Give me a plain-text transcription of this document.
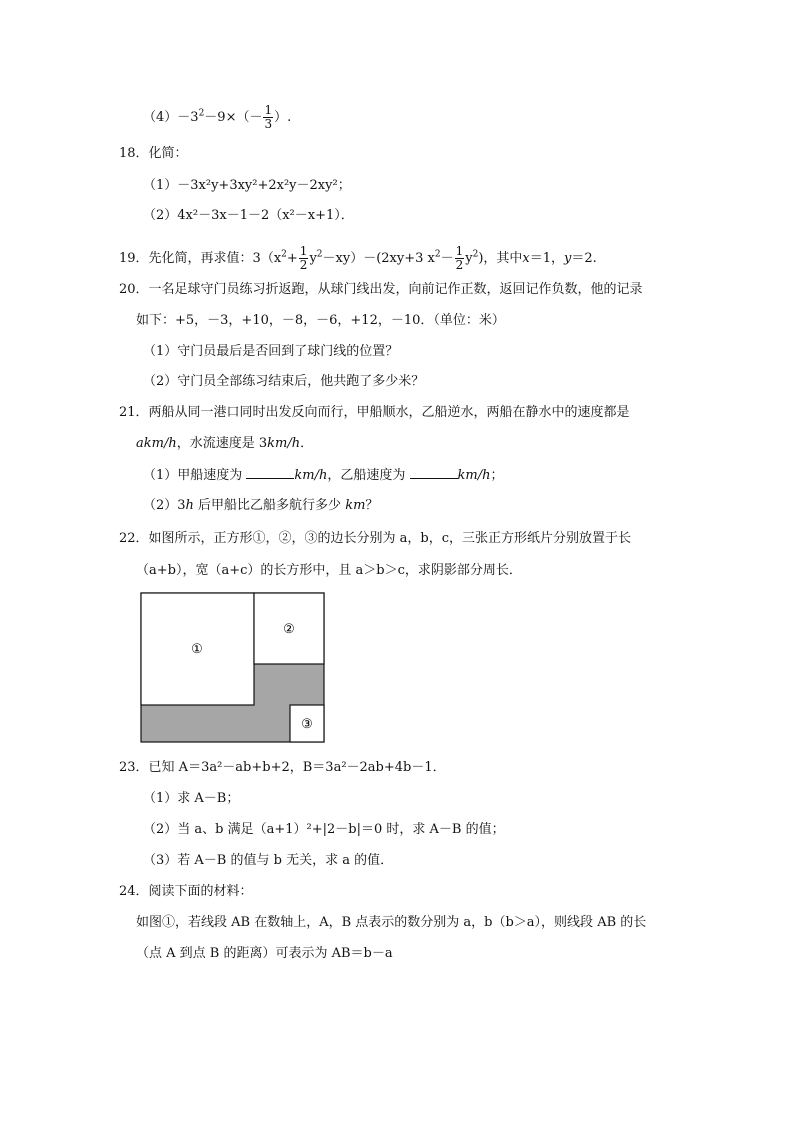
$(4)-3^2-9\times(- \frac{1}{3}$ ）.
18．化简：
（1）－3x²y+3xy²+2x²y－2xy²；
（2）4x²－3x－1－2（x²－x+1）．
19．先化简，再求值：$3(x^2+ \frac{1}{2} y^2-xy)-(2xy+3$ $x^2- \frac{1}{2} y^2$)，其中x＝1，y＝2.
20．一名足球守门员练习折返跑，从球门线出发，向前记作正数，返回记作负数，他的记录
如下：+5，－3，+10，－8，－6，+12，－10．（单位：米）
（1）守门员最后是否回到了球门线的位置？
（2）守门员全部练习结束后，他共跑了多少米？
21．两船从同一港口同时出发反向而行，甲船顺水，乙船逆水，两船在静水中的速度都是
akm/h，水流速度是 3km/h．
（1）甲船速度为	km/h，乙船速度为	km/h；
（2）3h 后甲船比乙船多航行多少 km？
22．如图所示，正方形①，②，③的边长分别为 a，b，c，三张正方形纸片分别放置于长
（a+b），宽（a+c）的长方形中，且 a＞b＞c，求阴影部分周长．
①
②
③
23．已知 A＝3a²－ab+b+2，B＝3a²－2ab+4b－1．
（1）求 A－B；
（2）当 a、b 满足（a+1）²+|2－b|＝0 时，求 A－B 的值；
（3）若 A－B 的值与 b 无关，求 a 的值．
24．阅读下面的材料：
如图①，若线段 AB 在数轴上，A，B 点表示的数分别为 a，b（b＞a），则线段 AB 的长
（点 A 到点 B 的距离）可表示为 AB＝b－a
